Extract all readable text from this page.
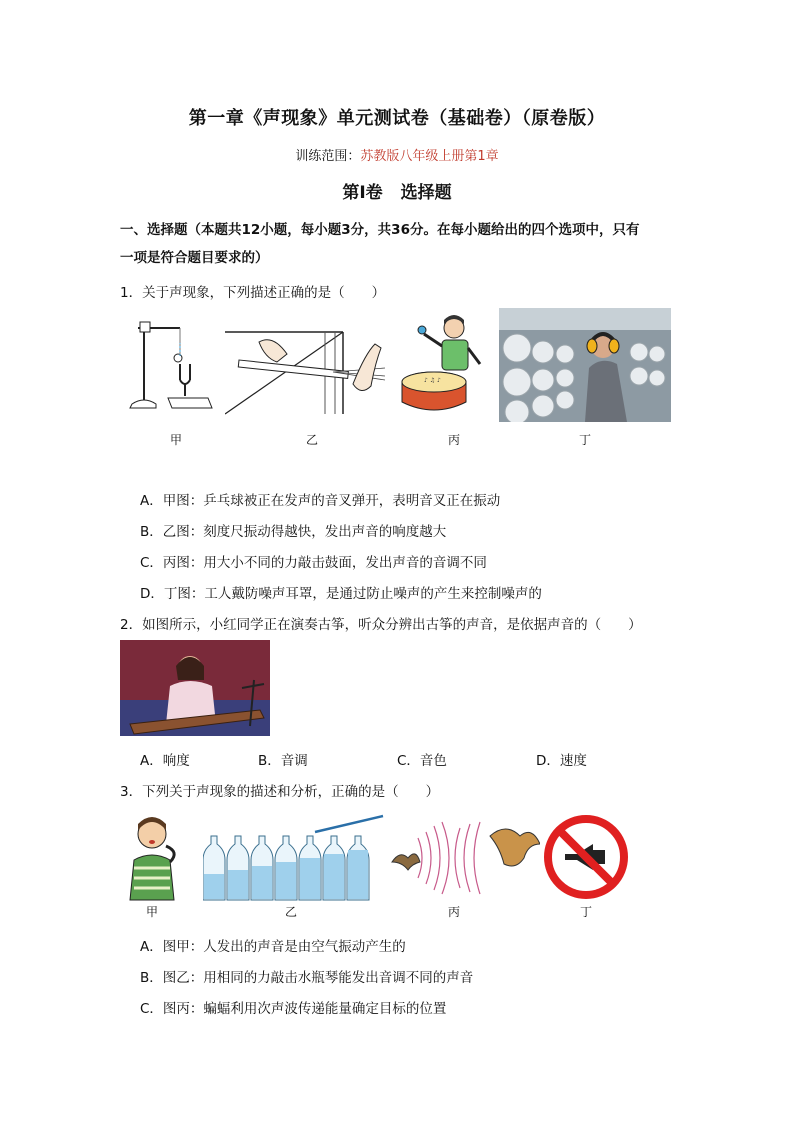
第一章《声现象》单元测试卷（基础卷）（原卷版）
训练范围：苏教版八年级上册第1章
第Ⅰ卷 选择题
一、选择题（本题共12小题，每小题3分，共36分。在每小题给出的四个选项中，只有
一项是符合题目要求的）
1．关于声现象，下列描述正确的是（　　）
甲	乙
♪ ♫ ♪
丙	丁
A．甲图：乒乓球被正在发声的音叉弹开，表明音叉正在振动
B．乙图：刻度尺振动得越快，发出声音的响度越大
C．丙图：用大小不同的力敲击鼓面，发出声音的音调不同
D．丁图：工人戴防噪声耳罩，是通过防止噪声的产生来控制噪声的
2．如图所示，小红同学正在演奏古筝，听众分辨出古筝的声音，是依据声音的（　　）
A．响度	B．音调	C．音色	D．速度
3．下列关于声现象的描述和分析，正确的是（　　）
甲	乙	丙	丁
A．图甲：人发出的声音是由空气振动产生的
B．图乙：用相同的力敲击水瓶琴能发出音调不同的声音
C．图丙：蝙蝠利用次声波传递能量确定目标的位置
